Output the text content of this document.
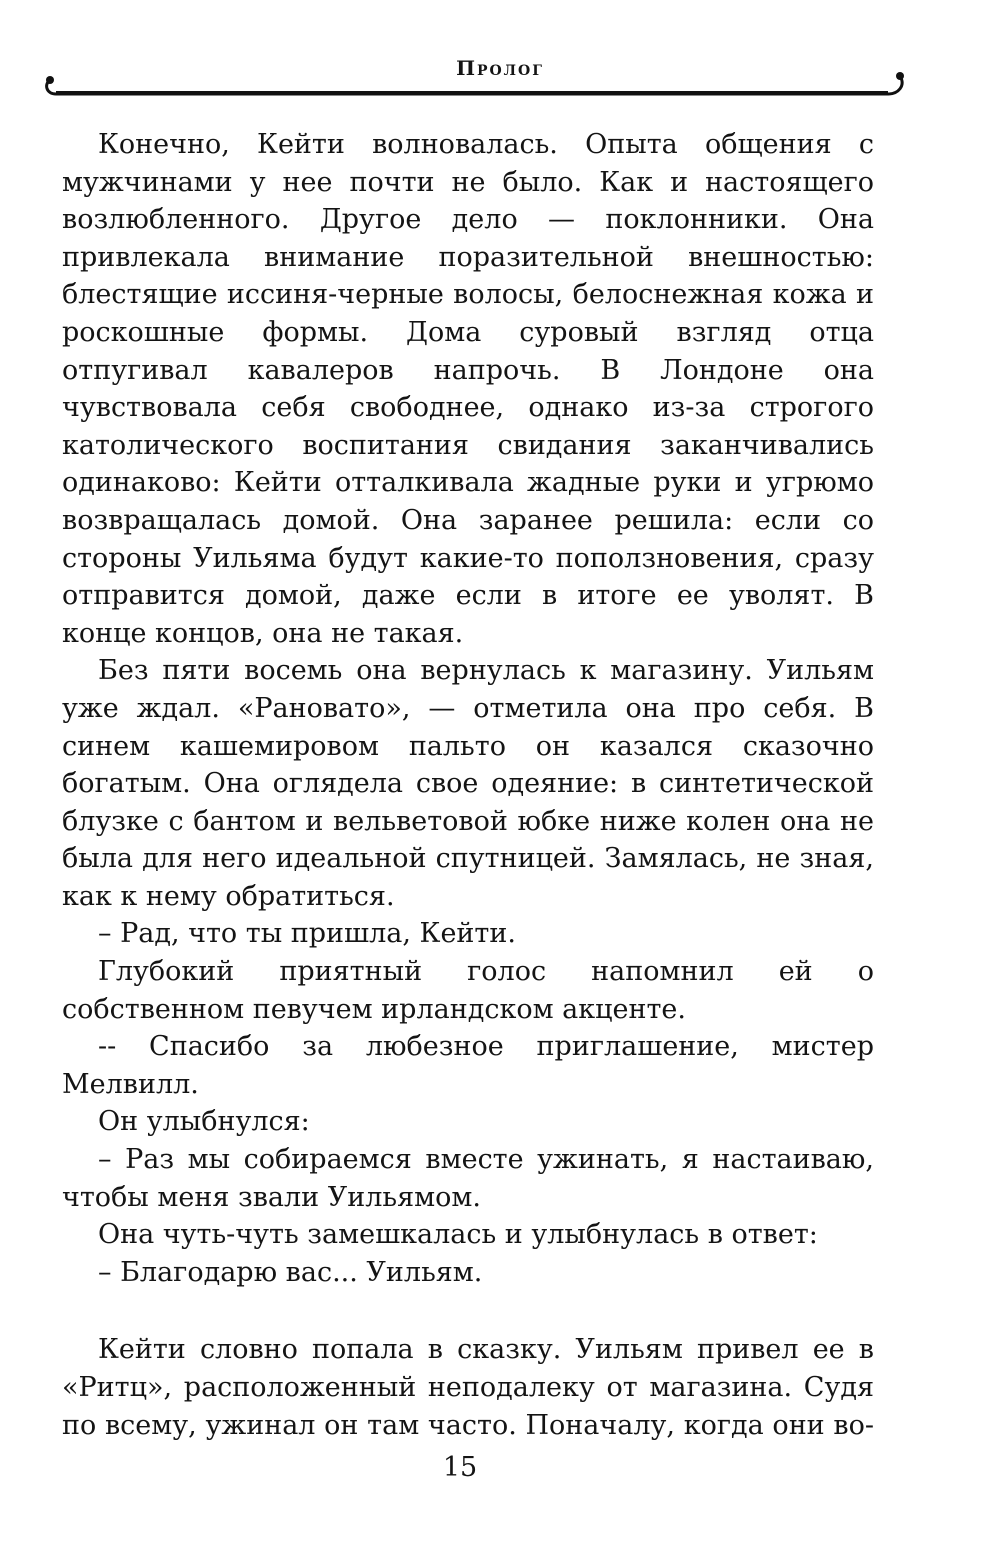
Пролог

Конечно, Кейти волновалась. Опыта общения с мужчинами у нее почти не было. Как и настоящего возлюбленного. Другое дело — поклонники. Она привлекала внимание поразительной внешностью: блестящие иссиня-черные волосы, белоснежная кожа и роскошные формы. Дома суровый взгляд отца отпугивал кавалеров напрочь. В Лондоне она чувствовала себя свободнее, однако из-за строгого католического воспитания свидания заканчивались одинаково: Кейти отталкивала жадные руки и угрюмо возвращалась домой. Она заранее решила: если со стороны Уильяма будут какие-то поползновения, сразу отправится домой, даже если в итоге ее уволят. В конце концов, она не такая.

Без пяти восемь она вернулась к магазину. Уильям уже ждал. «Рановато», — отметила она про себя. В синем кашемировом пальто он казался сказочно богатым. Она оглядела свое одеяние: в синтетической блузке с бантом и вельветовой юбке ниже колен она не была для него идеальной спутницей. Замялась, не зная, как к нему обратиться.

– Рад, что ты пришла, Кейти.

Глубокий приятный голос напомнил ей о собственном певучем ирландском акценте.

-- Спасибо за любезное приглашение, мистер Мелвилл.

Он улыбнулся:

– Раз мы собираемся вместе ужинать, я настаиваю, чтобы меня звали Уильямом.

Она чуть-чуть замешкалась и улыбнулась в ответ:

– Благодарю вас... Уильям.

Кейти словно попала в сказку. Уильям привел ее в «Ритц», расположенный неподалеку от магазина. Судя по всему, ужинал он там часто. Поначалу, когда они во-

15
